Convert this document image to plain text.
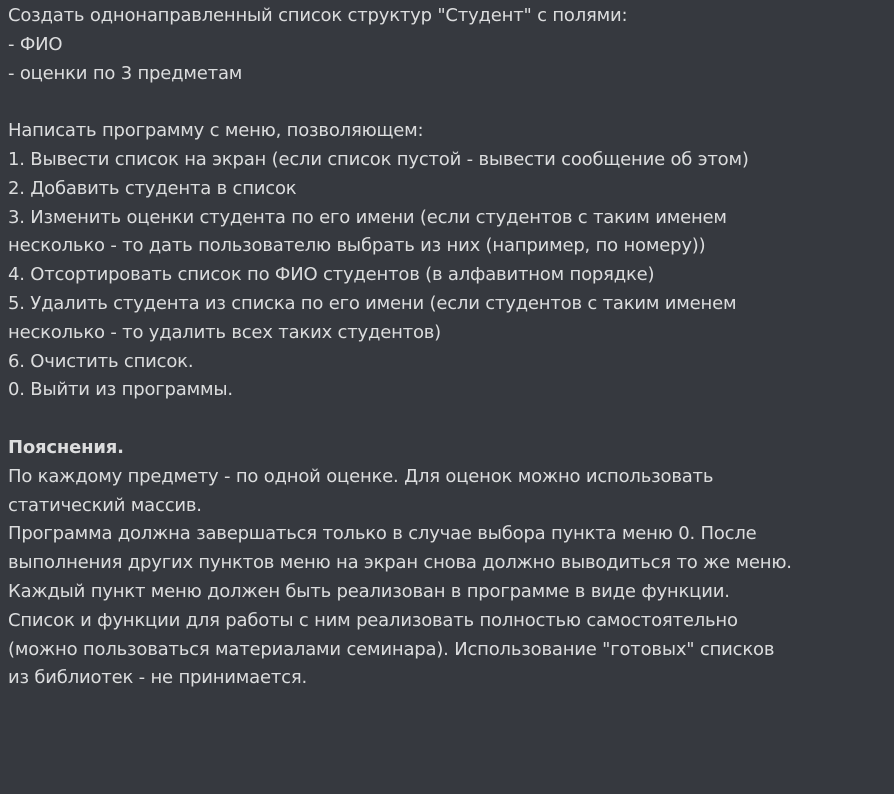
Создать однонаправленный список структур "Студент" с полями:
- ФИО
- оценки по 3 предметам
Написать программу с меню, позволяющем:
1. Вывести список на экран (если список пустой - вывести сообщение об этом)
2. Добавить студента в список
3. Изменить оценки студента по его имени (если студентов с таким именем
несколько - то дать пользователю выбрать из них (например, по номеру))
4. Отсортировать список по ФИО студентов (в алфавитном порядке)
5. Удалить студента из списка по его имени (если студентов с таким именем
несколько - то удалить всех таких студентов)
6. Очистить список.
0. Выйти из программы.
Пояснения.
По каждому предмету - по одной оценке. Для оценок можно использовать
статический массив.
Программа должна завершаться только в случае выбора пункта меню 0. После
выполнения других пунктов меню на экран снова должно выводиться то же меню.
Каждый пункт меню должен быть реализован в программе в виде функции.
Список и функции для работы с ним реализовать полностью самостоятельно
(можно пользоваться материалами семинара). Использование "готовых" списков
из библиотек - не принимается.
